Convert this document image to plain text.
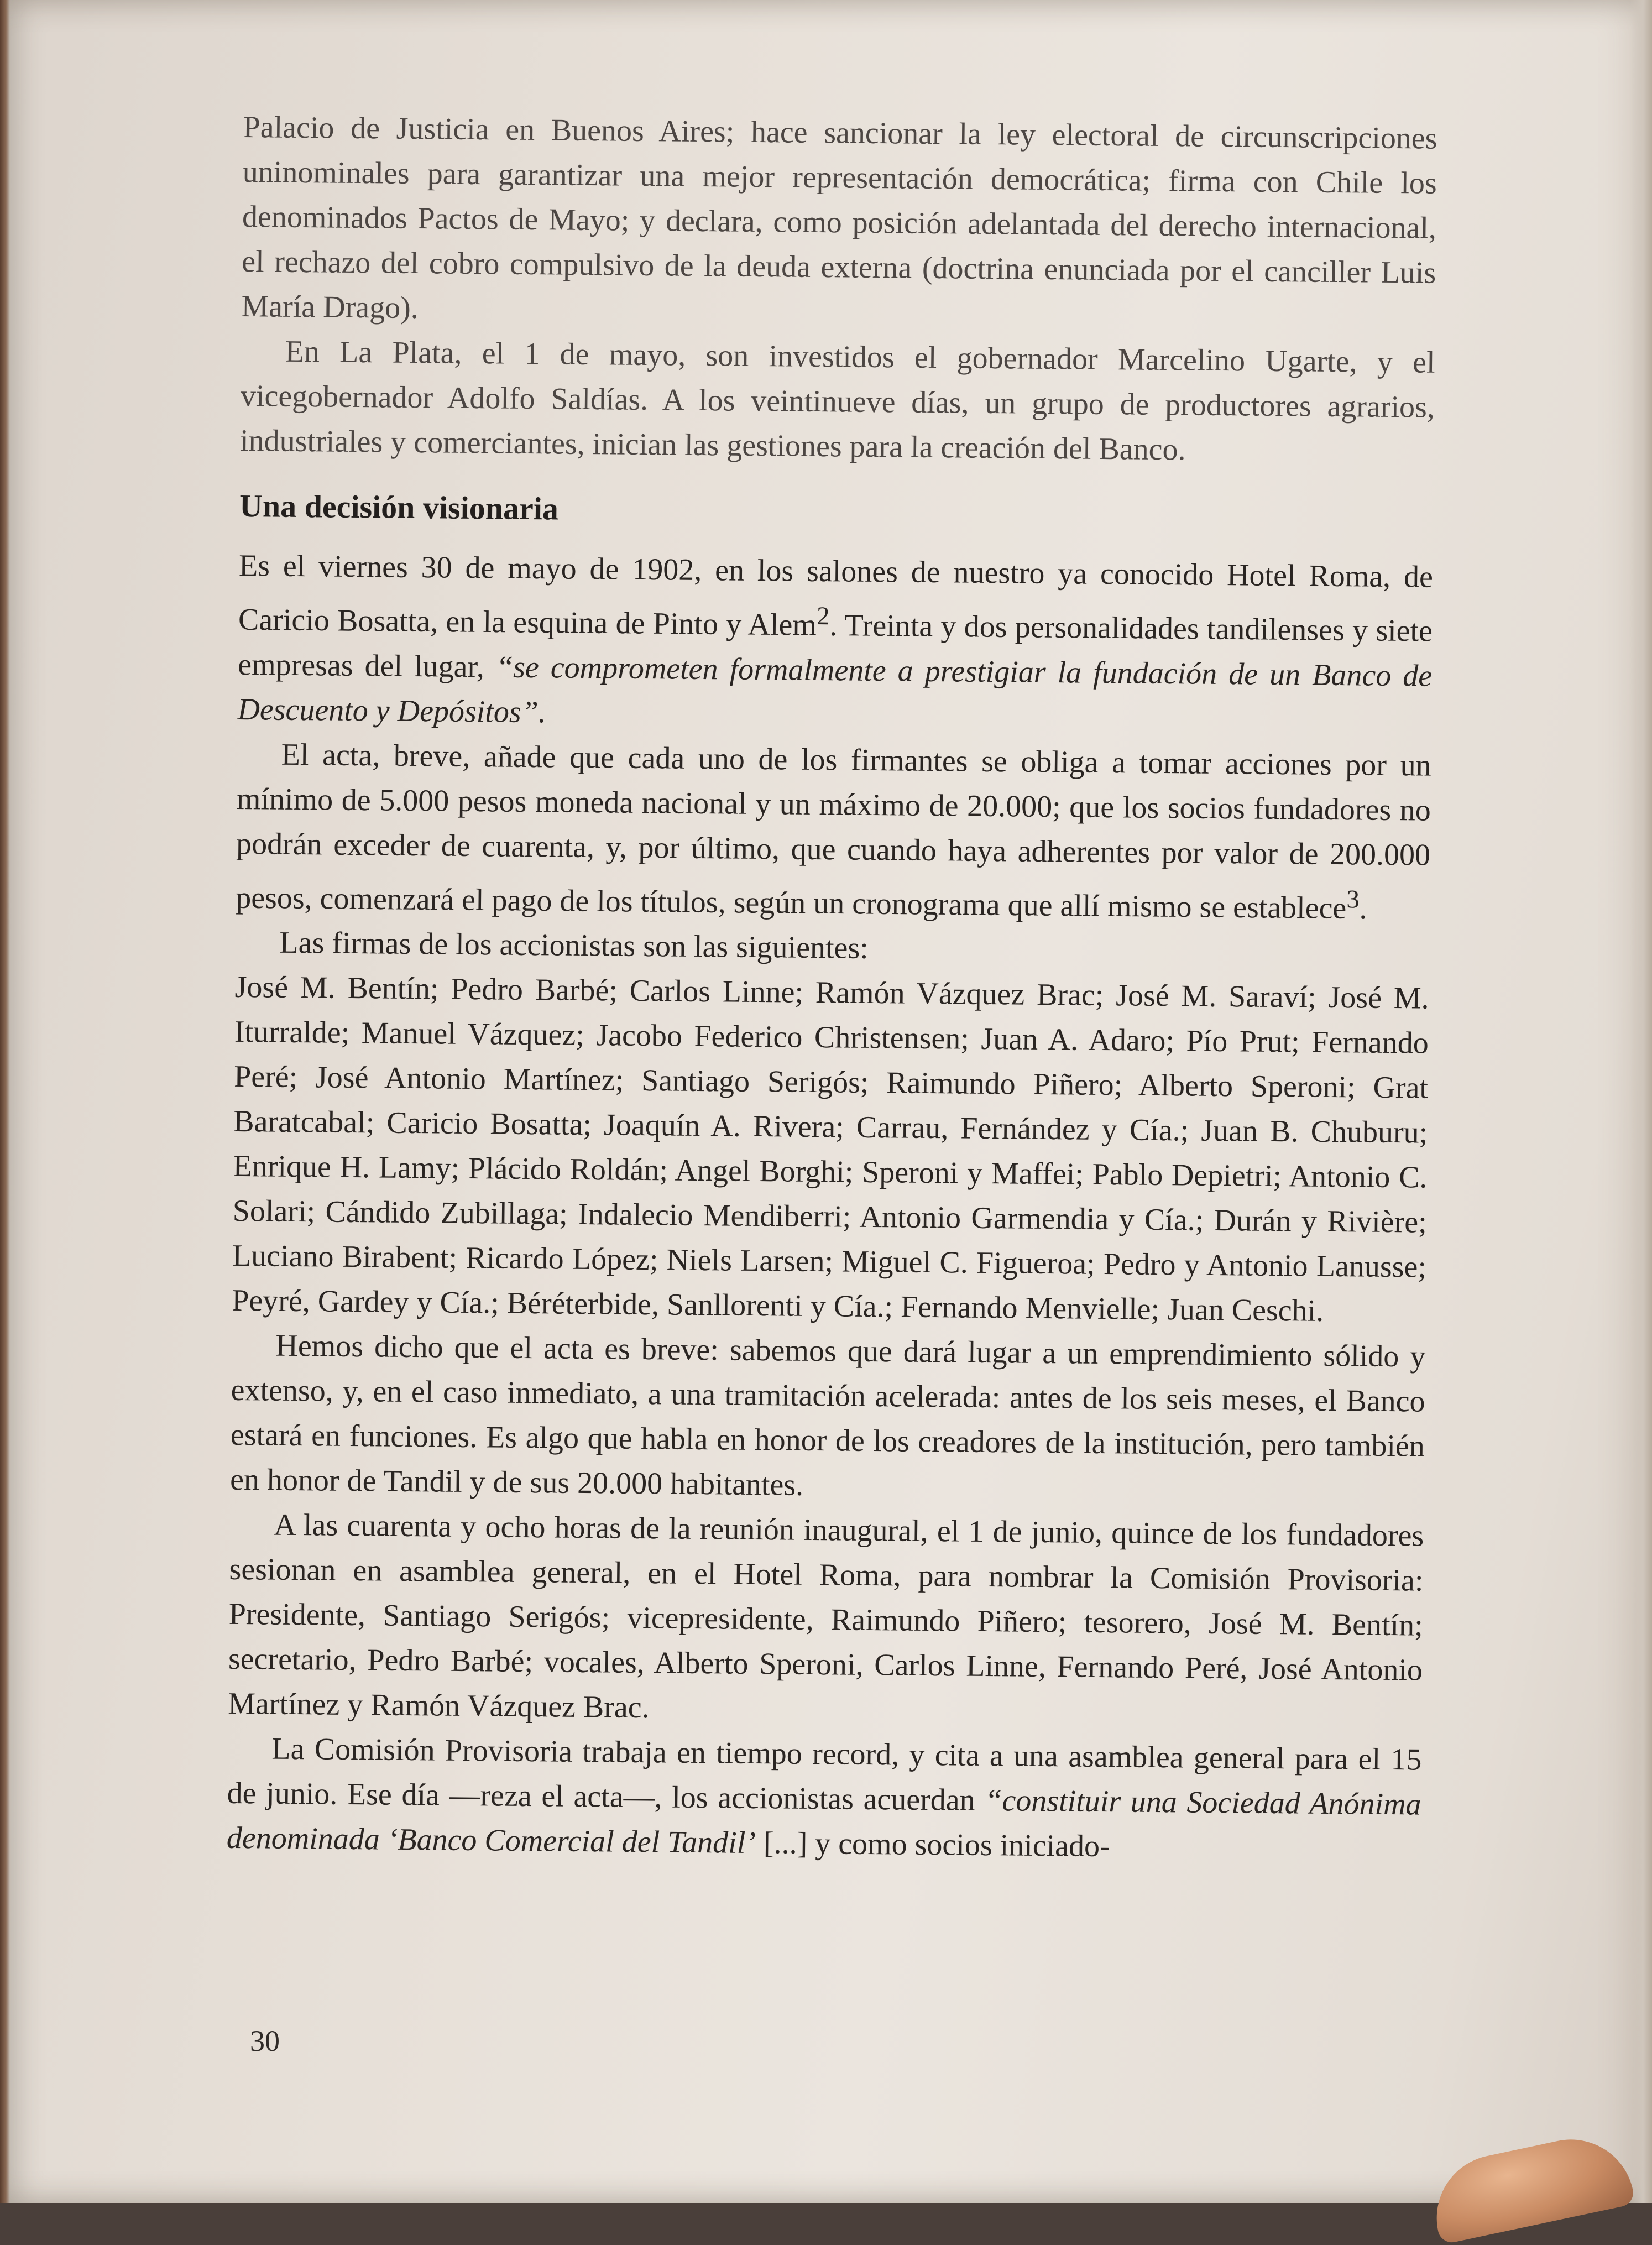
Palacio de Justicia en Buenos Aires; hace sancionar la ley electoral de circunscripciones uninominales para garantizar una mejor representación democrática; firma con Chile los denominados Pactos de Mayo; y declara, como posición adelantada del derecho internacional, el rechazo del cobro compulsivo de la deuda externa (doctrina enunciada por el canciller Luis María Drago).

En La Plata, el 1 de mayo, son investidos el gobernador Marcelino Ugarte, y el vicegobernador Adolfo Saldías. A los veintinueve días, un grupo de productores agrarios, industriales y comerciantes, inician las gestiones para la creación del Banco.

Una decisión visionaria

Es el viernes 30 de mayo de 1902, en los salones de nuestro ya conocido Hotel Roma, de Caricio Bosatta, en la esquina de Pinto y Alem$^2$. Treinta y dos personalidades tandilenses y siete empresas del lugar, “se comprometen formalmente a prestigiar la fundación de un Banco de Descuento y Depósitos”.

El acta, breve, añade que cada uno de los firmantes se obliga a tomar acciones por un mínimo de 5.000 pesos moneda nacional y un máximo de 20.000; que los socios fundadores no podrán exceder de cuarenta, y, por último, que cuando haya adherentes por valor de 200.000 pesos, comenzará el pago de los títulos, según un cronograma que allí mismo se establece$^3$.

Las firmas de los accionistas son las siguientes:

José M. Bentín; Pedro Barbé; Carlos Linne; Ramón Vázquez Brac; José M. Saraví; José M. Iturralde; Manuel Vázquez; Jacobo Federico Christensen; Juan A. Adaro; Pío Prut; Fernando Peré; José Antonio Martínez; Santiago Serigós; Raimundo Piñero; Alberto Speroni; Grat Baratcabal; Caricio Bosatta; Joaquín A. Rivera; Carrau, Fernández y Cía.; Juan B. Chuburu; Enrique H. Lamy; Plácido Roldán; Angel Borghi; Speroni y Maffei; Pablo Depietri; Antonio C. Solari; Cándido Zubillaga; Indalecio Mendiberri; Antonio Garmendia y Cía.; Durán y Rivière; Luciano Birabent; Ricardo López; Niels Larsen; Miguel C. Figueroa; Pedro y Antonio Lanusse; Peyré, Gardey y Cía.; Béréterbide, Sanllorenti y Cía.; Fernando Menvielle; Juan Ceschi.

Hemos dicho que el acta es breve: sabemos que dará lugar a un emprendimiento sólido y extenso, y, en el caso inmediato, a una tramitación acelerada: antes de los seis meses, el Banco estará en funciones. Es algo que habla en honor de los creadores de la institución, pero también en honor de Tandil y de sus 20.000 habitantes.

A las cuarenta y ocho horas de la reunión inaugural, el 1 de junio, quince de los fundadores sesionan en asamblea general, en el Hotel Roma, para nombrar la Comisión Provisoria: Presidente, Santiago Serigós; vicepresidente, Raimundo Piñero; tesorero, José M. Bentín; secretario, Pedro Barbé; vocales, Alberto Speroni, Carlos Linne, Fernando Peré, José Antonio Martínez y Ramón Vázquez Brac.

La Comisión Provisoria trabaja en tiempo record, y cita a una asamblea general para el 15 de junio. Ese día —reza el acta—, los accionistas acuerdan “constituir una Sociedad Anónima denominada ‘Banco Comercial del Tandil’ [...] y como socios iniciado-

30
